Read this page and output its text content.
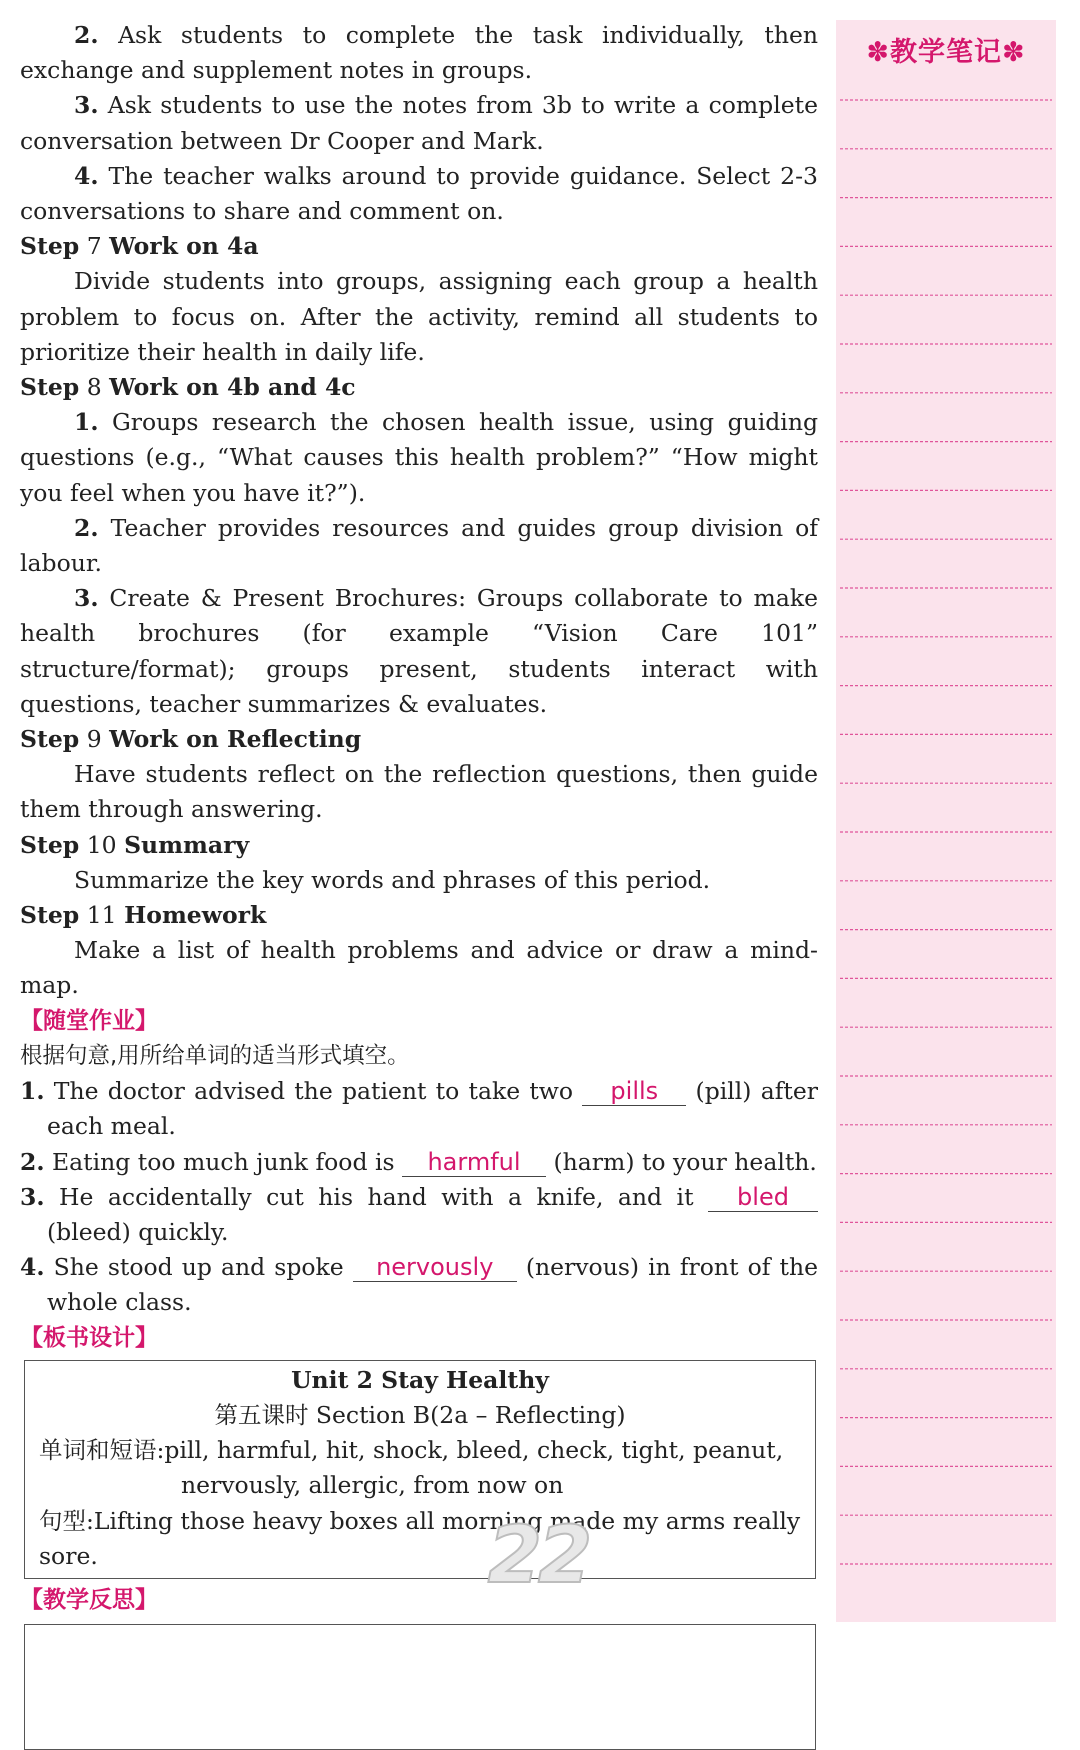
2. Ask students to complete the task individually, then exchange and supplement notes in groups.

3. Ask students to use the notes from 3b to write a complete conversation between Dr Cooper and Mark.

4. The teacher walks around to provide guidance. Select 2-3 conversations to share and comment on.

Step 7 Work on 4a

Divide students into groups, assigning each group a health problem to focus on. After the activity, remind all students to prioritize their health in daily life.

Step 8 Work on 4b and 4c

1. Groups research the chosen health issue, using guiding questions (e.g., “What causes this health problem?” “How might you feel when you have it?”).

2. Teacher provides resources and guides group division of labour.

3. Create & Present Brochures: Groups collaborate to make health brochures (for example “Vision Care 101” structure/format); groups present, students interact with questions, teacher summarizes & evaluates.

Step 9 Work on Reflecting

Have students reflect on the reflection questions, then guide them through answering.

Step 10 Summary

Summarize the key words and phrases of this period.

Step 11 Homework

Make a list of health problems and advice or draw a mind-map.

【随堂作业】

根据句意,用所给单词的适当形式填空。

1. The doctor advised the patient to take two pills (pill) after each meal.

2. Eating too much junk food is harmful (harm) to your health.

3. He accidentally cut his hand with a knife, and it bled (bleed) quickly.

4. She stood up and spoke nervously (nervous) in front of the whole class.

【板书设计】

Unit 2 Stay Healthy
第五课时 Section B(2a – Reflecting)
单词和短语:pill, harmful, hit, shock, bleed, check, tight, peanut,
nervously, allergic, from now on
句型:Lifting those heavy boxes all morning made my arms really sore.

【教学反思】	22
✽教学笔记✽
